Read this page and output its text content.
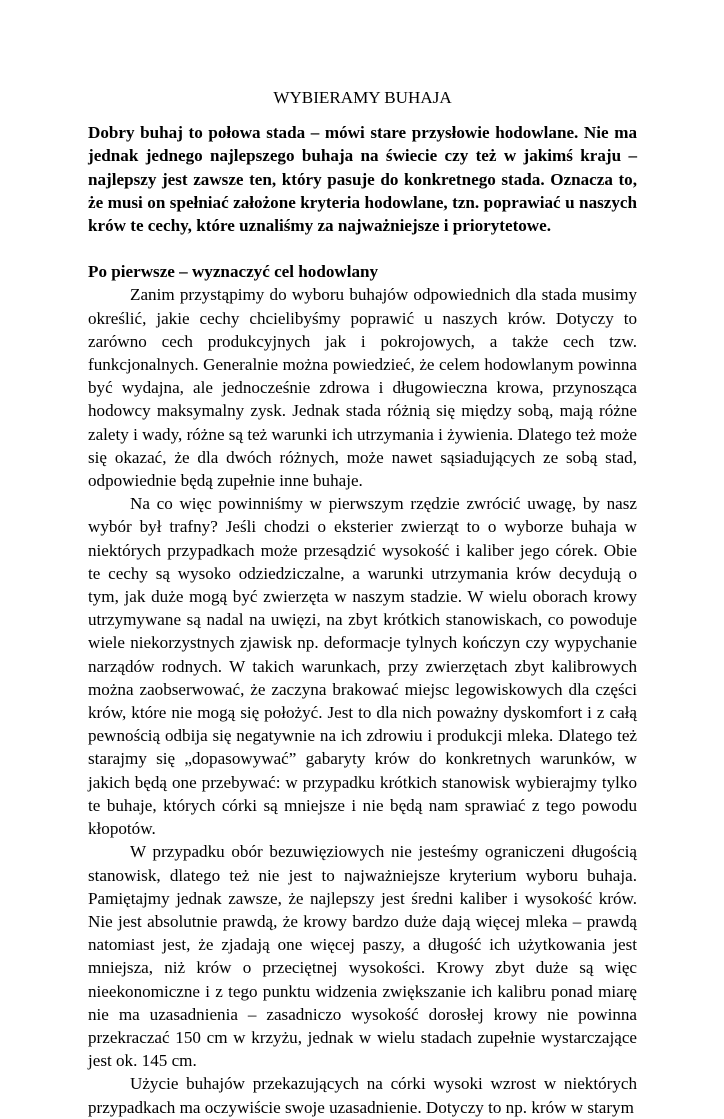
WYBIERAMY BUHAJA
Dobry buhaj to połowa stada – mówi stare przysłowie hodowlane. Nie ma jednak jednego najlepszego buhaja na świecie czy też w jakimś kraju – najlepszy jest zawsze ten, który pasuje do konkretnego stada. Oznacza to, że musi on spełniać założone kryteria hodowlane, tzn. poprawiać u naszych krów te cechy, które uznaliśmy za najważniejsze i priorytetowe.
Po pierwsze – wyznaczyć cel hodowlany
Zanim przystąpimy do wyboru buhajów odpowiednich dla stada musimy określić, jakie cechy chcielibyśmy poprawić u naszych krów. Dotyczy to zarówno cech produkcyjnych jak i pokrojowych, a także cech tzw. funkcjonalnych. Generalnie można powiedzieć, że celem hodowlanym powinna być wydajna, ale jednocześnie zdrowa i długowieczna krowa, przynosząca hodowcy maksymalny zysk. Jednak stada różnią się między sobą, mają różne zalety i wady, różne są też warunki ich utrzymania i żywienia. Dlatego też może się okazać, że dla dwóch różnych, może nawet sąsiadujących ze sobą stad, odpowiednie będą zupełnie inne buhaje.
Na co więc powinniśmy w pierwszym rzędzie zwrócić uwagę, by nasz wybór był trafny? Jeśli chodzi o eksterier zwierząt to o wyborze buhaja w niektórych przypadkach może przesądzić wysokość i kaliber jego córek. Obie te cechy są wysoko odziedziczalne, a warunki utrzymania krów decydują o tym, jak duże mogą być zwierzęta w naszym stadzie. W wielu oborach krowy utrzymywane są nadal na uwięzi, na zbyt krótkich stanowiskach, co powoduje wiele niekorzystnych zjawisk np. deformacje tylnych kończyn czy wypychanie narządów rodnych. W takich warunkach, przy zwierzętach zbyt kalibrowych można zaobserwować, że zaczyna brakować miejsc legowiskowych dla części krów, które nie mogą się położyć. Jest to dla nich poważny dyskomfort i z całą pewnością odbija się negatywnie na ich zdrowiu i produkcji mleka. Dlatego też starajmy się „dopasowywać” gabaryty krów do konkretnych warunków, w jakich będą one przebywać: w przypadku krótkich stanowisk wybierajmy tylko te buhaje, których córki są mniejsze i nie będą nam sprawiać z tego powodu kłopotów.
W przypadku obór bezuwięziowych nie jesteśmy ograniczeni długością stanowisk, dlatego też nie jest to najważniejsze kryterium wyboru buhaja. Pamiętajmy jednak zawsze, że najlepszy jest średni kaliber i wysokość krów. Nie jest absolutnie prawdą, że krowy bardzo duże dają więcej mleka – prawdą natomiast jest, że zjadają one więcej paszy, a długość ich użytkowania jest mniejsza, niż krów o przeciętnej wysokości. Krowy zbyt duże są więc nieekonomiczne i z tego punktu widzenia zwiększanie ich kalibru ponad miarę nie ma uzasadnienia – zasadniczo wysokość dorosłej krowy nie powinna przekraczać 150 cm w krzyżu, jednak w wielu stadach zupełnie wystarczające jest ok. 145 cm.
Użycie buhajów przekazujących na córki wysoki wzrost w niektórych przypadkach ma oczywiście swoje uzasadnienie. Dotyczy to np. krów w starym
